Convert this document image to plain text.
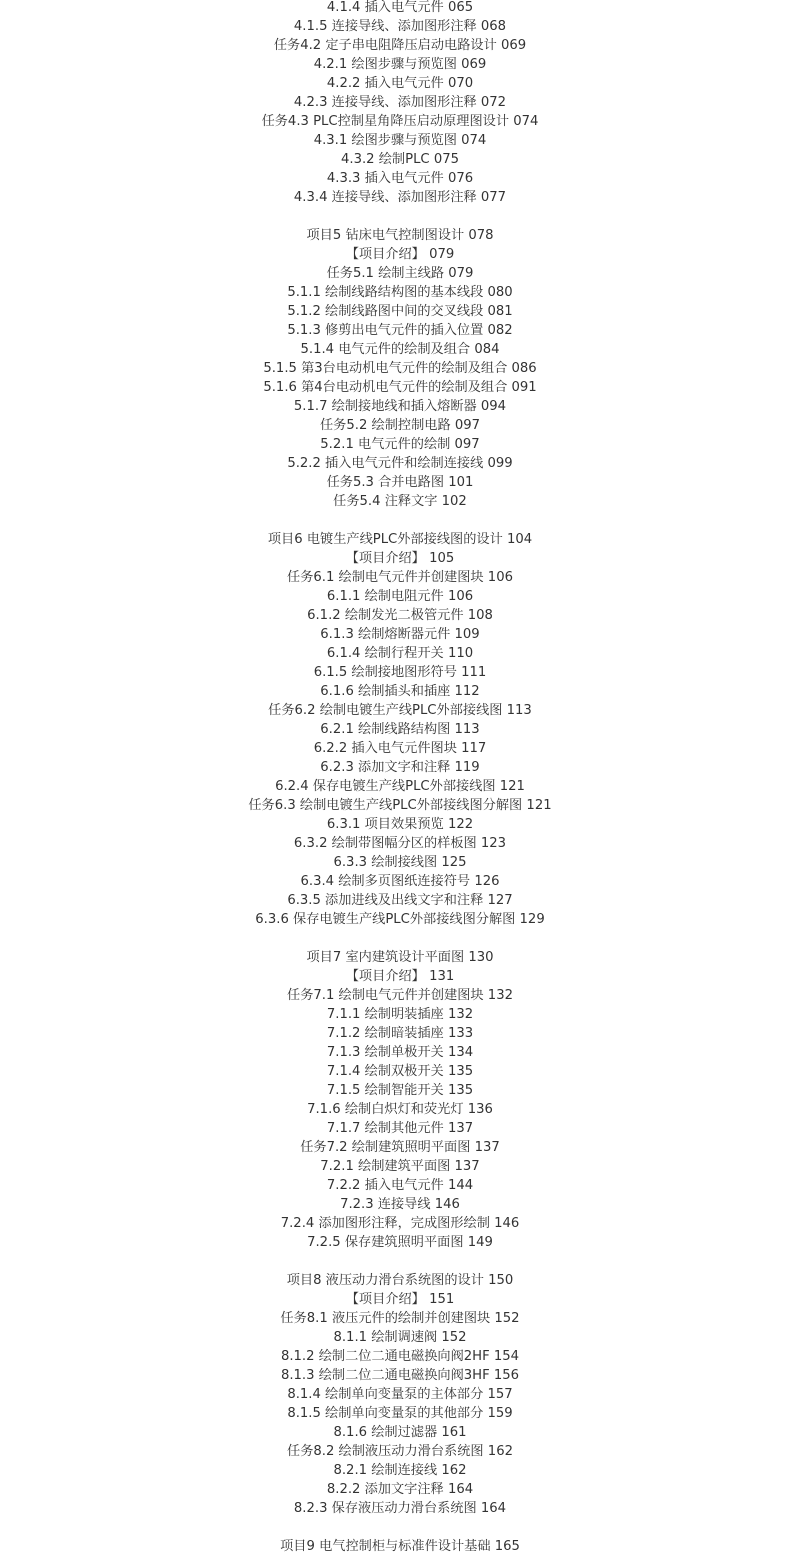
4.1.4 插入电气元件 065
4.1.5 连接导线、添加图形注释 068
任务4.2 定子串电阻降压启动电路设计 069
4.2.1 绘图步骤与预览图 069
4.2.2 插入电气元件 070
4.2.3 连接导线、添加图形注释 072
任务4.3 PLC控制星角降压启动原理图设计 074
4.3.1 绘图步骤与预览图 074
4.3.2 绘制PLC 075
4.3.3 插入电气元件 076
4.3.4 连接导线、添加图形注释 077
项目5 钻床电气控制图设计 078
【项目介绍】 079
任务5.1 绘制主线路 079
5.1.1 绘制线路结构图的基本线段 080
5.1.2 绘制线路图中间的交叉线段 081
5.1.3 修剪出电气元件的插入位置 082
5.1.4 电气元件的绘制及组合 084
5.1.5 第3台电动机电气元件的绘制及组合 086
5.1.6 第4台电动机电气元件的绘制及组合 091
5.1.7 绘制接地线和插入熔断器 094
任务5.2 绘制控制电路 097
5.2.1 电气元件的绘制 097
5.2.2 插入电气元件和绘制连接线 099
任务5.3 合并电路图 101
任务5.4 注释文字 102
项目6 电镀生产线PLC外部接线图的设计 104
【项目介绍】 105
任务6.1 绘制电气元件并创建图块 106
6.1.1 绘制电阻元件 106
6.1.2 绘制发光二极管元件 108
6.1.3 绘制熔断器元件 109
6.1.4 绘制行程开关 110
6.1.5 绘制接地图形符号 111
6.1.6 绘制插头和插座 112
任务6.2 绘制电镀生产线PLC外部接线图 113
6.2.1 绘制线路结构图 113
6.2.2 插入电气元件图块 117
6.2.3 添加文字和注释 119
6.2.4 保存电镀生产线PLC外部接线图 121
任务6.3 绘制电镀生产线PLC外部接线图分解图 121
6.3.1 项目效果预览 122
6.3.2 绘制带图幅分区的样板图 123
6.3.3 绘制接线图 125
6.3.4 绘制多页图纸连接符号 126
6.3.5 添加进线及出线文字和注释 127
6.3.6 保存电镀生产线PLC外部接线图分解图 129
项目7 室内建筑设计平面图 130
【项目介绍】 131
任务7.1 绘制电气元件并创建图块 132
7.1.1 绘制明装插座 132
7.1.2 绘制暗装插座 133
7.1.3 绘制单极开关 134
7.1.4 绘制双极开关 135
7.1.5 绘制智能开关 135
7.1.6 绘制白炽灯和荧光灯 136
7.1.7 绘制其他元件 137
任务7.2 绘制建筑照明平面图 137
7.2.1 绘制建筑平面图 137
7.2.2 插入电气元件 144
7.2.3 连接导线 146
7.2.4 添加图形注释，完成图形绘制 146
7.2.5 保存建筑照明平面图 149
项目8 液压动力滑台系统图的设计 150
【项目介绍】 151
任务8.1 液压元件的绘制并创建图块 152
8.1.1 绘制调速阀 152
8.1.2 绘制二位二通电磁换向阀2HF 154
8.1.3 绘制二位二通电磁换向阀3HF 156
8.1.4 绘制单向变量泵的主体部分 157
8.1.5 绘制单向变量泵的其他部分 159
8.1.6 绘制过滤器 161
任务8.2 绘制液压动力滑台系统图 162
8.2.1 绘制连接线 162
8.2.2 添加文字注释 164
8.2.3 保存液压动力滑台系统图 164
项目9 电气控制柜与标准件设计基础 165
